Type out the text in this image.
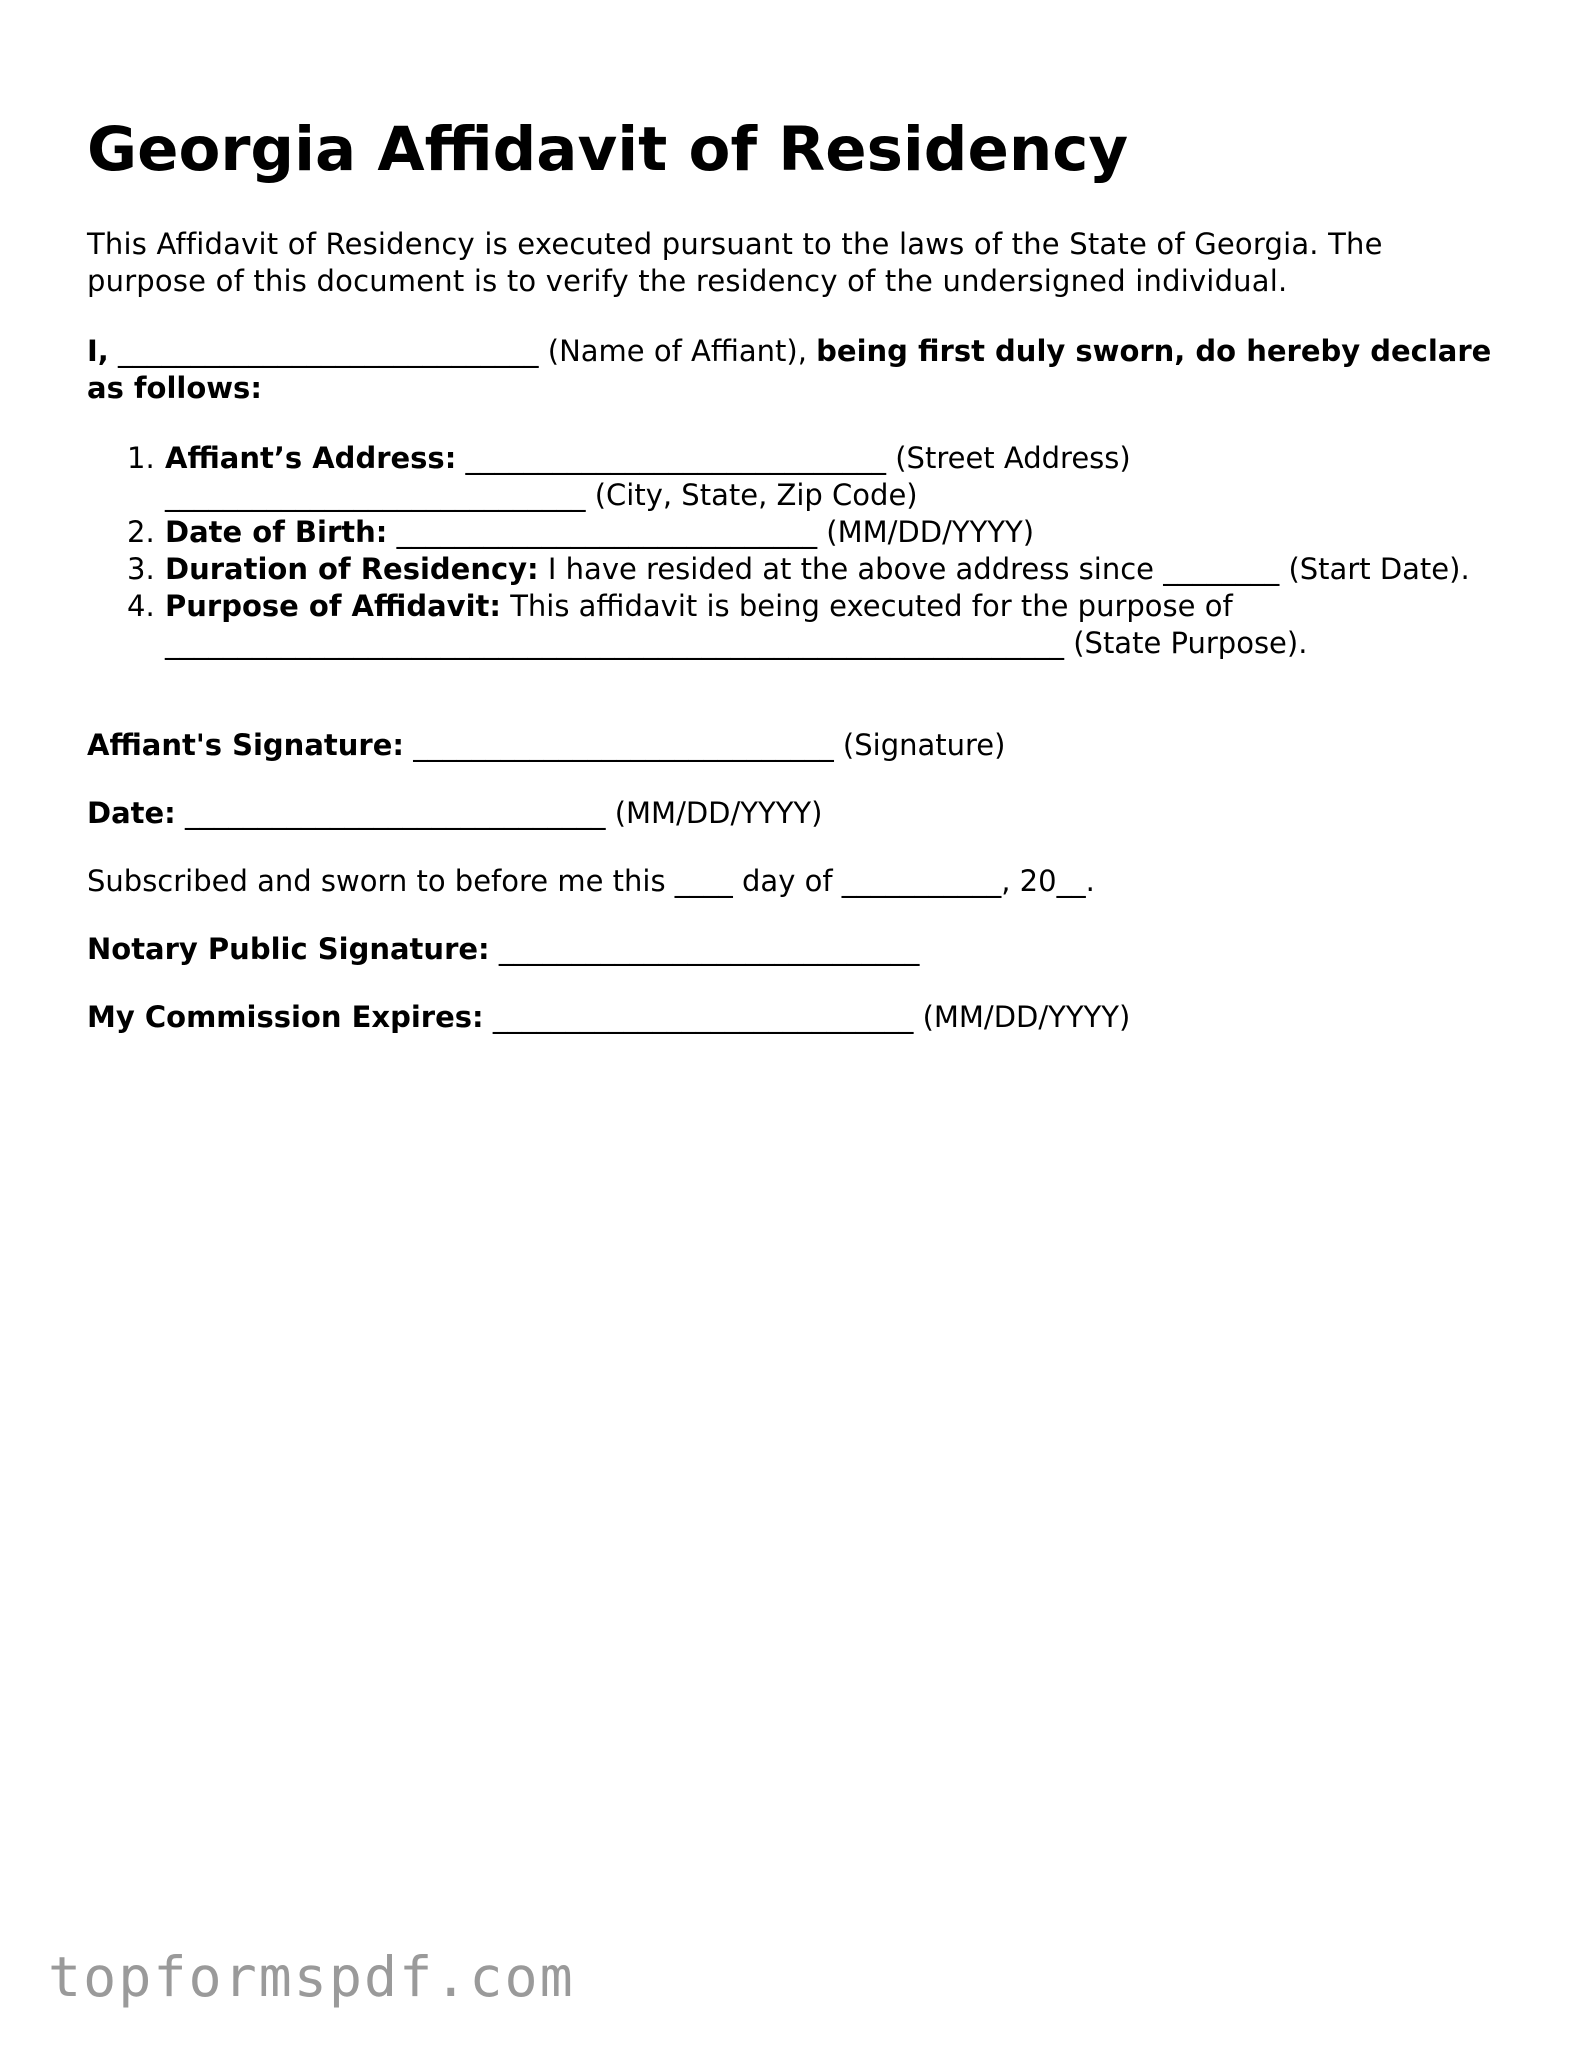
Georgia Affidavit of Residency

This Affidavit of Residency is executed pursuant to the laws of the State of Georgia. The purpose of this document is to verify the residency of the undersigned individual.

I, _____________________________ (Name of Affiant), being first duly sworn, do hereby declare as follows:

1. Affiant’s Address: _____________________________ (Street Address)
_____________________________ (City, State, Zip Code)
2. Date of Birth: _____________________________ (MM/DD/YYYY)
3. Duration of Residency: I have resided at the above address since ________ (Start Date).
4. Purpose of Affidavit: This affidavit is being executed for the purpose of
______________________________________________________________ (State Purpose).

Affiant's Signature: _____________________________ (Signature)

Date: _____________________________ (MM/DD/YYYY)

Subscribed and sworn to before me this ____ day of ___________, 20__.

Notary Public Signature: _____________________________

My Commission Expires: _____________________________ (MM/DD/YYYY)

topformspdf.com
